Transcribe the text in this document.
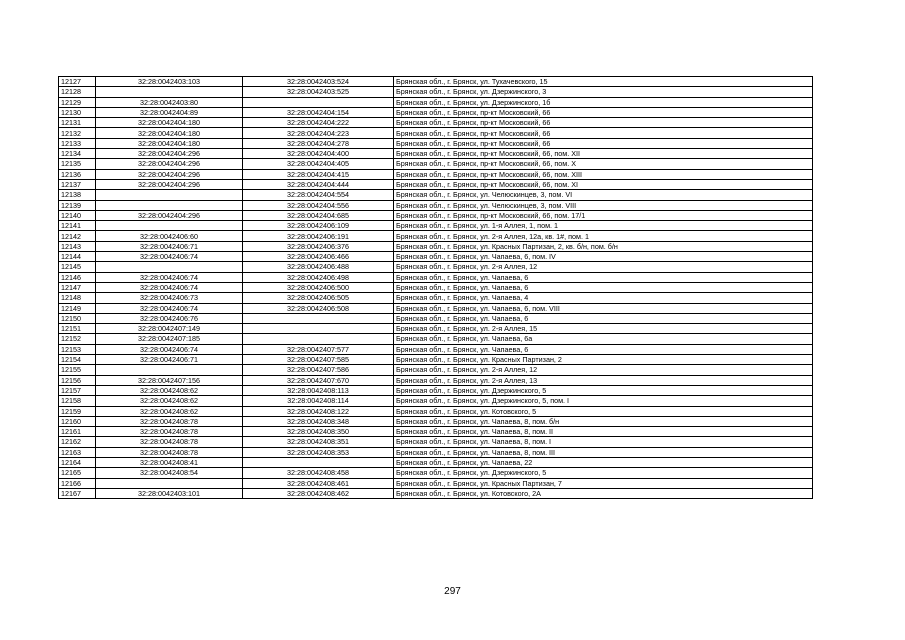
12127	32:28:0042403:103	32:28:0042403:524	Брянская обл., г. Брянск, ул. Тухачевского, 15
12128		32:28:0042403:525	Брянская обл., г. Брянск, ул. Дзержинского, 3
12129	32:28:0042403:80		Брянская обл., г. Брянск, ул. Дзержинского, 1б
12130	32:28:0042404:89	32:28:0042404:154	Брянская обл., г. Брянск, пр-кт Московский, 66
12131	32:28:0042404:180	32:28:0042404:222	Брянская обл., г. Брянск, пр-кт Московский, 66
12132	32:28:0042404:180	32:28:0042404:223	Брянская обл., г. Брянск, пр-кт Московский, 66
12133	32:28:0042404:180	32:28:0042404:278	Брянская обл., г. Брянск, пр-кт Московский, 66
12134	32:28:0042404:296	32:28:0042404:400	Брянская обл., г. Брянск, пр-кт Московский, 66, пом. XII
12135	32:28:0042404:296	32:28:0042404:405	Брянская обл., г. Брянск, пр-кт Московский, 66, пом. X
12136	32:28:0042404:296	32:28:0042404:415	Брянская обл., г. Брянск, пр-кт Московский, 66, пом. XIII
12137	32:28:0042404:296	32:28:0042404:444	Брянская обл., г. Брянск, пр-кт Московский, 66, пом. XI
12138		32:28:0042404:554	Брянская обл., г. Брянск, ул. Челюскинцев, 3, пом. VI
12139		32:28:0042404:556	Брянская обл., г. Брянск, ул. Челюскинцев, 3, пом. VIII
12140	32:28:0042404:296	32:28:0042404:685	Брянская обл., г. Брянск, пр-кт Московский, 66, пом. 17/1
12141		32:28:0042406:109	Брянская обл., г. Брянск, ул. 1-я Аллея, 1, пом. 1
12142	32:28:0042406:60	32:28:0042406:191	Брянская обл., г. Брянск, ул. 2-я Аллея, 12а, кв. 1#, пом. 1
12143	32:28:0042406:71	32:28:0042406:376	Брянская обл., г. Брянск, ул. Красных Партизан, 2, кв. б/н, пом. б/н
12144	32:28:0042406:74	32:28:0042406:466	Брянская обл., г. Брянск, ул. Чапаева, 6, пом. IV
12145		32:28:0042406:488	Брянская обл., г. Брянск, ул. 2-я Аллея, 12
12146	32:28:0042406:74	32:28:0042406:498	Брянская обл., г. Брянск, ул. Чапаева, 6
12147	32:28:0042406:74	32:28:0042406:500	Брянская обл., г. Брянск, ул. Чапаева, 6
12148	32:28:0042406:73	32:28:0042406:505	Брянская обл., г. Брянск, ул. Чапаева, 4
12149	32:28:0042406:74	32:28:0042406:508	Брянская обл., г. Брянск, ул. Чапаева, 6, пом. VIII
12150	32:28:0042406:76		Брянская обл., г. Брянск, ул. Чапаева, 6
12151	32:28:0042407:149		Брянская обл., г. Брянск, ул. 2-я Аллея, 15
12152	32:28:0042407:185		Брянская обл., г. Брянск, ул. Чапаева, 6а
12153	32:28:0042406:74	32:28:0042407:577	Брянская обл., г. Брянск, ул. Чапаева, 6
12154	32:28:0042406:71	32:28:0042407:585	Брянская обл., г. Брянск, ул. Красных Партизан, 2
12155		32:28:0042407:586	Брянская обл., г. Брянск, ул. 2-я Аллея, 12
12156	32:28:0042407:156	32:28:0042407:670	Брянская обл., г. Брянск, ул. 2-я Аллея, 13
12157	32:28:0042408:62	32:28:0042408:113	Брянская обл., г. Брянск, ул. Дзержинского, 5
12158	32:28:0042408:62	32:28:0042408:114	Брянская обл., г. Брянск, ул. Дзержинского, 5, пом. I
12159	32:28:0042408:62	32:28:0042408:122	Брянская обл., г. Брянск, ул. Котовского, 5
12160	32:28:0042408:78	32:28:0042408:348	Брянская обл., г. Брянск, ул. Чапаева, 8, пом. б/н
12161	32:28:0042408:78	32:28:0042408:350	Брянская обл., г. Брянск, ул. Чапаева, 8, пом. II
12162	32:28:0042408:78	32:28:0042408:351	Брянская обл., г. Брянск, ул. Чапаева, 8, пом. I
12163	32:28:0042408:78	32:28:0042408:353	Брянская обл., г. Брянск, ул. Чапаева, 8, пом. III
12164	32:28:0042408:41		Брянская обл., г. Брянск, ул. Чапаева, 22
12165	32:28:0042408:54	32:28:0042408:458	Брянская обл., г. Брянск, ул. Дзержинского, 5
12166		32:28:0042408:461	Брянская обл., г. Брянск, ул. Красных Партизан, 7
12167	32:28:0042403:101	32:28:0042408:462	Брянская обл., г. Брянск, ул. Котовского, 2А
297
